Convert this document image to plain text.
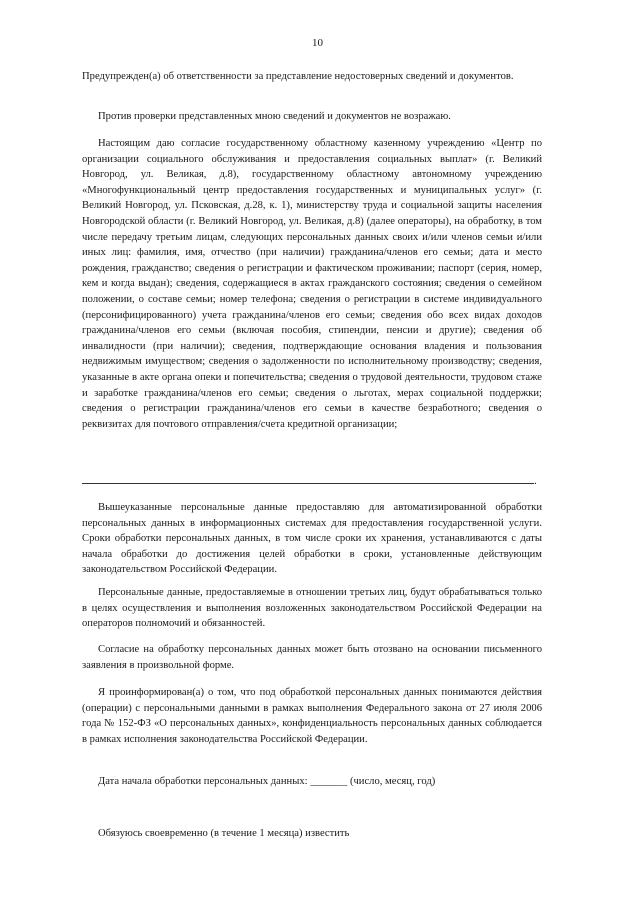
10

Предупрежден(а) об ответственности за представление недостоверных сведений и документов.

Против проверки представленных мною сведений и документов не возражаю.

Настоящим даю согласие государственному областному казенному учреждению «Центр по организации социального обслуживания и предоставления социальных выплат» (г. Великий Новгород, ул. Великая, д.8), государственному областному автономному учреждению «Многофункциональный центр предоставления государственных и муниципальных услуг» (г. Великий Новгород, ул. Псковская, д.28, к. 1), министерству труда и социальной защиты населения Новгородской области (г. Великий Новгород, ул. Великая, д.8) (далее операторы), на обработку, в том числе передачу третьим лицам, следующих персональных данных своих и/или членов семьи и/или иных лиц: фамилия, имя, отчество (при наличии) гражданина/членов его семьи; дата и место рождения, гражданство; сведения о регистрации и фактическом проживании; паспорт (серия, номер, кем и когда выдан); сведения, содержащиеся в актах гражданского состояния; сведения о семейном положении, о составе семьи; номер телефона; сведения о регистрации в системе индивидуального (персонифицированного) учета гражданина/членов его семьи; сведения обо всех видах доходов гражданина/членов его семьи (включая пособия, стипендии, пенсии и другие); сведения об инвалидности (при наличии); сведения, подтверждающие основания владения и пользования недвижимым имуществом; сведения о задолженности по исполнительному производству; сведения, указанные в акте органа опеки и попечительства; сведения о трудовой деятельности, трудовом стаже и заработке гражданина/членов его семьи; сведения о льготах, мерах социальной поддержки; сведения о регистрации гражданина/членов его семьи в качестве безработного; сведения о реквизитах для почтового отправления/счета кредитной организации;

.

Вышеуказанные персональные данные предоставляю для автоматизированной обработки персональных данных в информационных системах для предоставления государственной услуги. Сроки обработки персональных данных, в том числе сроки их хранения, устанавливаются с даты начала обработки до достижения целей обработки в сроки, установленные действующим законодательством Российской Федерации.

Персональные данные, предоставляемые в отношении третьих лиц, будут обрабатываться только в целях осуществления и выполнения возложенных законодательством Российской Федерации на операторов полномочий и обязанностей.

Согласие на обработку персональных данных может быть отозвано на основании письменного заявления в произвольной форме.

Я проинформирован(а) о том, что под обработкой персональных данных понимаются действия (операции) с персональными данными в рамках выполнения Федерального закона от 27 июля 2006 года № 152-ФЗ «О персональных данных», конфиденциальность персональных данных соблюдается в рамках исполнения законодательства Российской Федерации.

Дата начала обработки персональных данных: _______ (число, месяц, год)

Обязуюсь своевременно (в течение 1 месяца) известить
